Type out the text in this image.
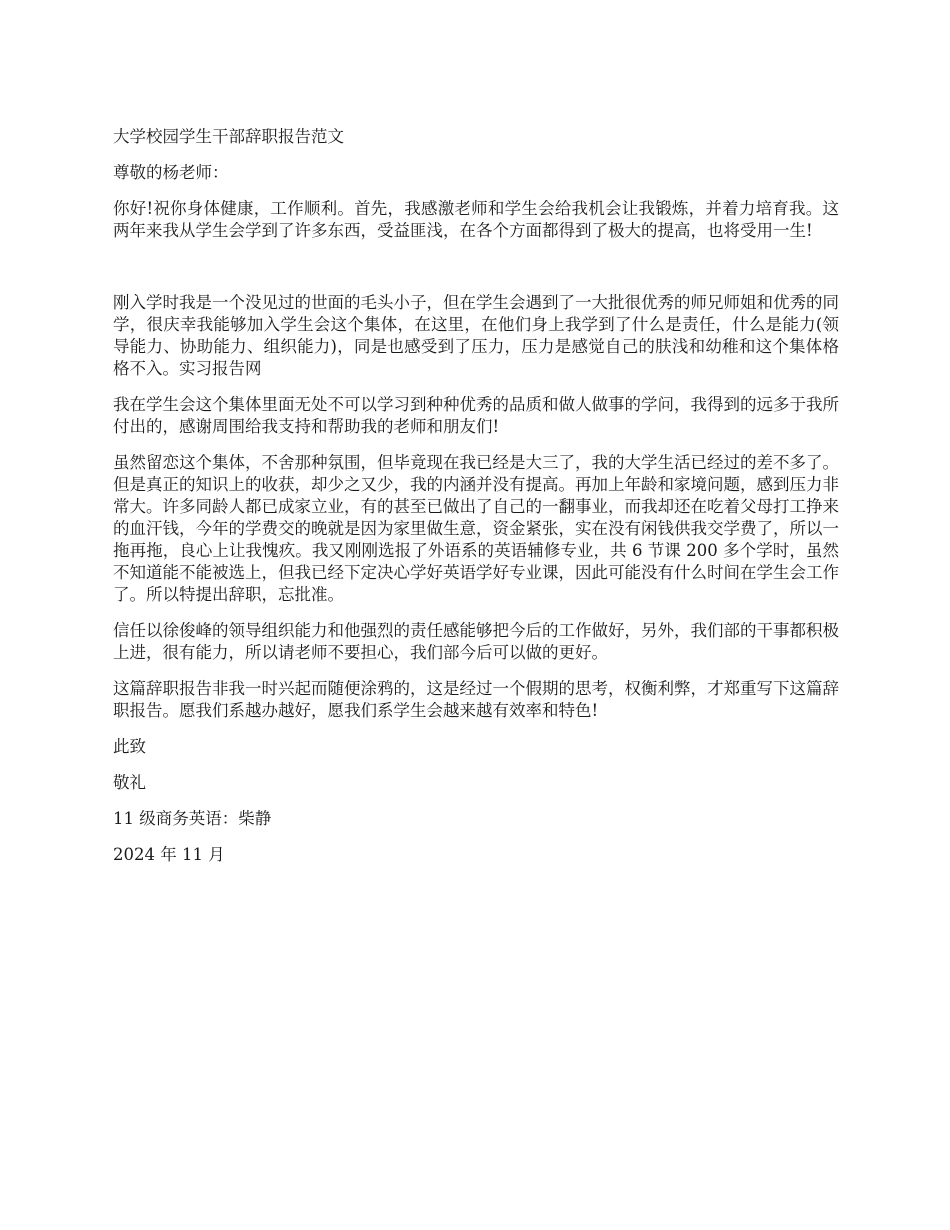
大学校园学生干部辞职报告范文

尊敬的杨老师：

你好!祝你身体健康，工作顺利。首先，我感激老师和学生会给我机会让我锻炼，并着力培育我。这两年来我从学生会学到了许多东西，受益匪浅，在各个方面都得到了极大的提高，也将受用一生!

刚入学时我是一个没见过的世面的毛头小子，但在学生会遇到了一大批很优秀的师兄师姐和优秀的同学，很庆幸我能够加入学生会这个集体，在这里，在他们身上我学到了什么是责任，什么是能力(领导能力、协助能力、组织能力)，同是也感受到了压力，压力是感觉自己的肤浅和幼稚和这个集体格格不入。实习报告网

我在学生会这个集体里面无处不可以学习到种种优秀的品质和做人做事的学问，我得到的远多于我所付出的，感谢周围给我支持和帮助我的老师和朋友们!

虽然留恋这个集体，不舍那种氛围，但毕竟现在我已经是大三了，我的大学生活已经过的差不多了。但是真正的知识上的收获，却少之又少，我的内涵并没有提高。再加上年龄和家境问题，感到压力非常大。许多同龄人都已成家立业，有的甚至已做出了自己的一翻事业，而我却还在吃着父母打工挣来的血汗钱，今年的学费交的晚就是因为家里做生意，资金紧张，实在没有闲钱供我交学费了，所以一拖再拖，良心上让我愧疚。我又刚刚选报了外语系的英语辅修专业，共 6 节课 200 多个学时，虽然不知道能不能被选上，但我已经下定决心学好英语学好专业课，因此可能没有什么时间在学生会工作了。所以特提出辞职，忘批准。

信任以徐俊峰的领导组织能力和他强烈的责任感能够把今后的工作做好，另外，我们部的干事都积极上进，很有能力，所以请老师不要担心，我们部今后可以做的更好。

这篇辞职报告非我一时兴起而随便涂鸦的，这是经过一个假期的思考，权衡利弊，才郑重写下这篇辞职报告。愿我们系越办越好，愿我们系学生会越来越有效率和特色!

此致

敬礼

11 级商务英语：柴静

2024 年 11 月
